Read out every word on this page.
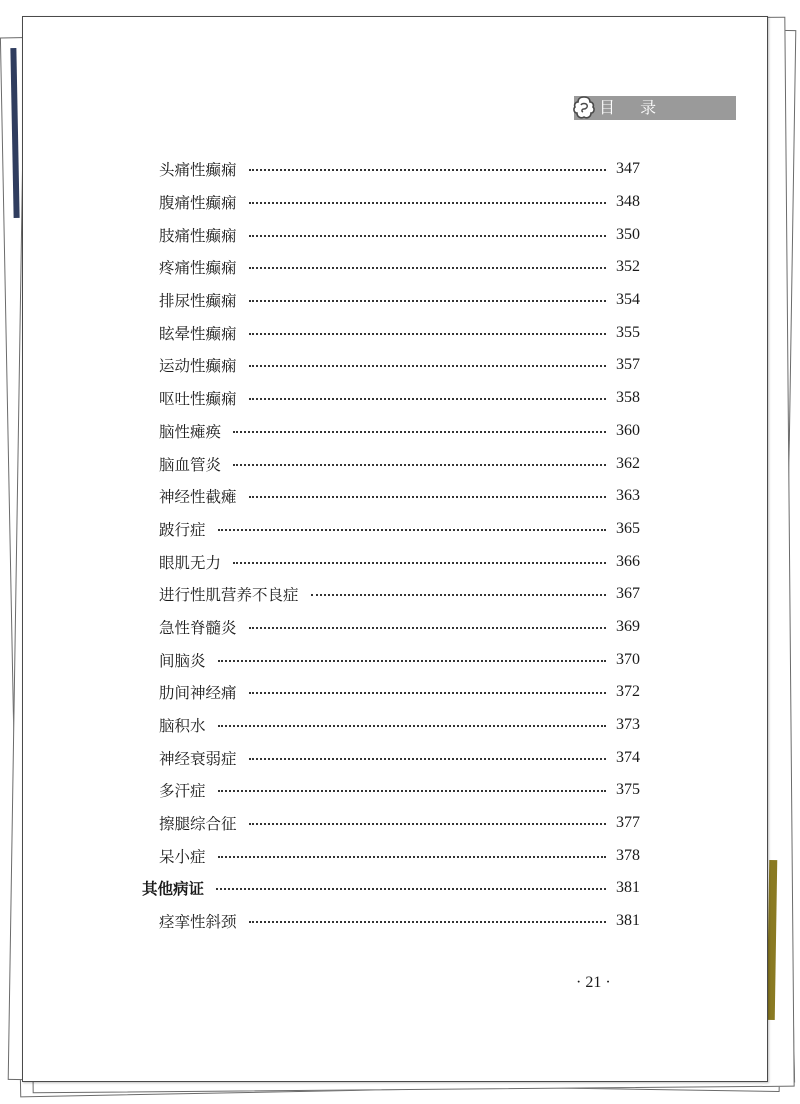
目 录
头痛性癫痫	347
腹痛性癫痫	348
肢痛性癫痫	350
疼痛性癫痫	352
排尿性癫痫	354
眩晕性癫痫	355
运动性癫痫	357
呕吐性癫痫	358
脑性瘫痪	360
脑血管炎	362
神经性截瘫	363
跛行症	365
眼肌无力	366
进行性肌营养不良症	367
急性脊髓炎	369
间脑炎	370
肋间神经痛	372
脑积水	373
神经衰弱症	374
多汗症	375
擦腿综合征	377
呆小症	378
其他病证	381
痉挛性斜颈	381
· 21 ·
